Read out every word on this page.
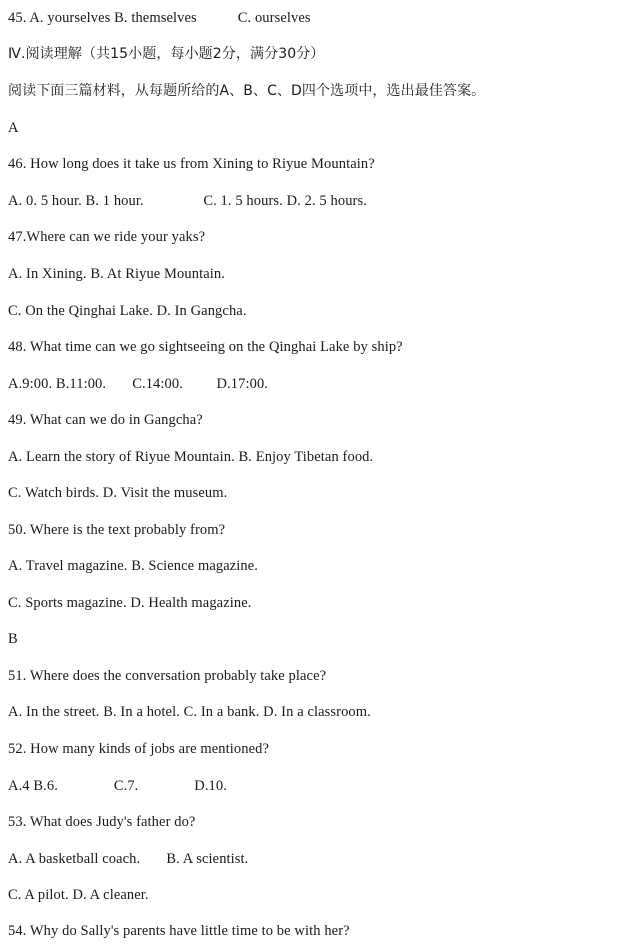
45. A. yourselves B. themselves           C. ourselves
Ⅳ.阅读理解（共15小题，每小题2分，满分30分）
阅读下面三篇材料，从每题所给的A、B、C、D四个选项中，选出最佳答案。
A
46. How long does it take us from Xining to Riyue Mountain?
A. 0. 5 hour. B. 1 hour.                C. 1. 5 hours. D. 2. 5 hours.
47.Where can we ride your yaks?
A. In Xining. B. At Riyue Mountain.
C. On the Qinghai Lake. D. In Gangcha.
48. What time can we go sightseeing on the Qinghai Lake by ship?
A.9:00. B.11:00.       C.14:00.         D.17:00.
49. What can we do in Gangcha?
A. Learn the story of Riyue Mountain. B. Enjoy Tibetan food.
C. Watch birds. D. Visit the museum.
50. Where is the text probably from?
A. Travel magazine. B. Science magazine.
C. Sports magazine. D. Health magazine.
B
51. Where does the conversation probably take place?
A. In the street. B. In a hotel. C. In a bank. D. In a classroom.
52. How many kinds of jobs are mentioned?
A.4 B.6.               C.7.               D.10.
53. What does Judy's father do?
A. A basketball coach.       B. A scientist.
C. A pilot. D. A cleaner.
54. Why do Sally's parents have little time to be with her?
